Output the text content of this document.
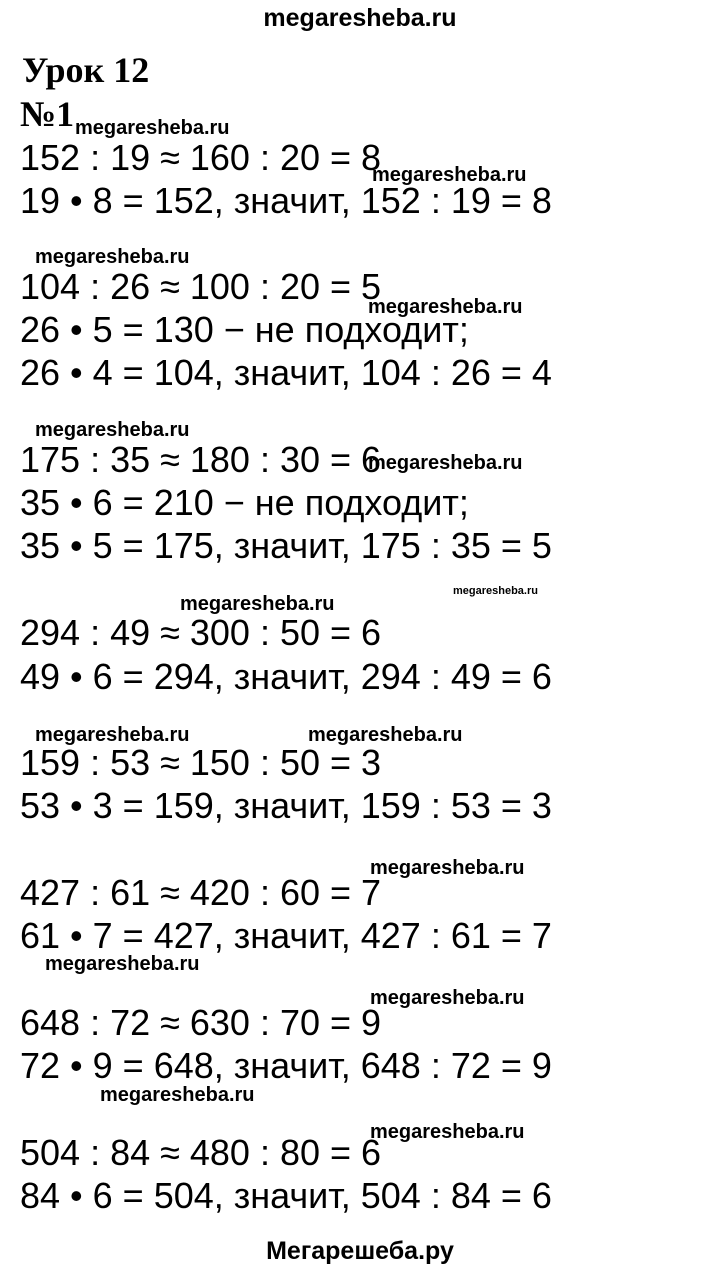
megaresheba.ru
Урок 12
№1
152 : 19 ≈ 160 : 20 = 8
19 • 8 = 152, значит, 152 : 19 = 8
104 : 26 ≈ 100 : 20 = 5
26 • 5 = 130 − не подходит;
26 • 4 = 104, значит, 104 : 26 = 4
175 : 35 ≈ 180 : 30 = 6
35 • 6 = 210 − не подходит;
35 • 5 = 175, значит, 175 : 35 = 5
294 : 49 ≈ 300 : 50 = 6
49 • 6 = 294, значит, 294 : 49 = 6
159 : 53 ≈ 150 : 50 = 3
53 • 3 = 159, значит, 159 : 53 = 3
427 : 61 ≈ 420 : 60 = 7
61 • 7 = 427, значит, 427 : 61 = 7
648 : 72 ≈ 630 : 70 = 9
72 • 9 = 648, значит, 648 : 72 = 9
504 : 84 ≈ 480 : 80 = 6
84 • 6 = 504, значит, 504 : 84 = 6
megaresheba.ru
megaresheba.ru
megaresheba.ru
megaresheba.ru
megaresheba.ru
megaresheba.ru
megaresheba.ru
megaresheba.ru
megaresheba.ru	megaresheba.ru
megaresheba.ru
megaresheba.ru
megaresheba.ru
megaresheba.ru
megaresheba.ru
Мегарешеба.ру
